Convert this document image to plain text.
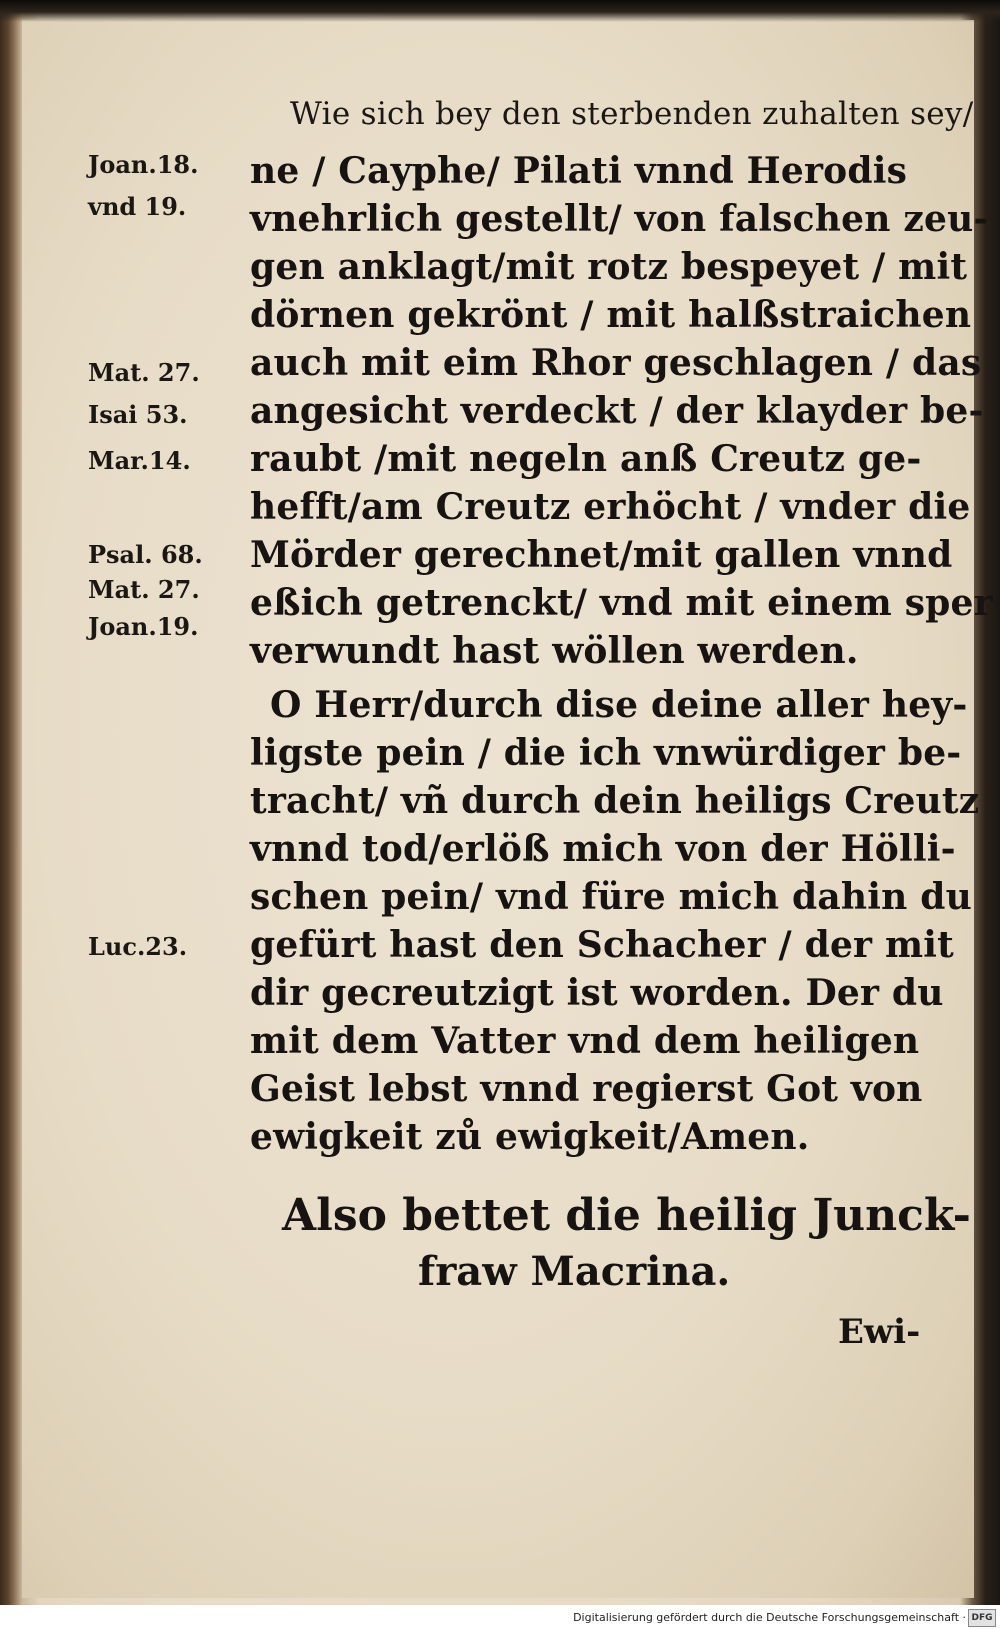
Wie sich bey den sterbenden zuhalten sey/
Joan.18.
vnd 19.
Mat. 27.
Isai 53.
Mar.14.
Psal. 68.
Mat. 27.
Joan.19.
Luc.23.
ne / Cayphe/ Pilati vnnd Herodis
vnehrlich gestellt/ von falschen zeu-
gen anklagt/mit rotz bespeyet / mit
dörnen gekrönt / mit halßstraichen
auch mit eim Rhor geschlagen / das
angesicht verdeckt / der klayder be-
raubt /mit negeln anß Creutz ge-
hefft/am Creutz erhöcht / vnder die
Mörder gerechnet/mit gallen vnnd
eßich getrenckt/ vnd mit einem sper
verwundt hast wöllen werden.
O Herr/durch dise deine aller hey-
ligste pein / die ich vnwürdiger be-
tracht/ vñ durch dein heiligs Creutz
vnnd tod/erlöß mich von der Hölli-
schen pein/ vnd füre mich dahin du
gefürt hast den Schacher / der mit
dir gecreutzigt ist worden. Der du
mit dem Vatter vnd dem heiligen
Geist lebst vnnd regierst Got von
ewigkeit zů ewigkeit/Amen.
Also bettet die heilig Junck-
fraw Macrina.
Ewi-
Digitalisierung gefördert durch die Deutsche Forschungsgemeinschaft · DFG
